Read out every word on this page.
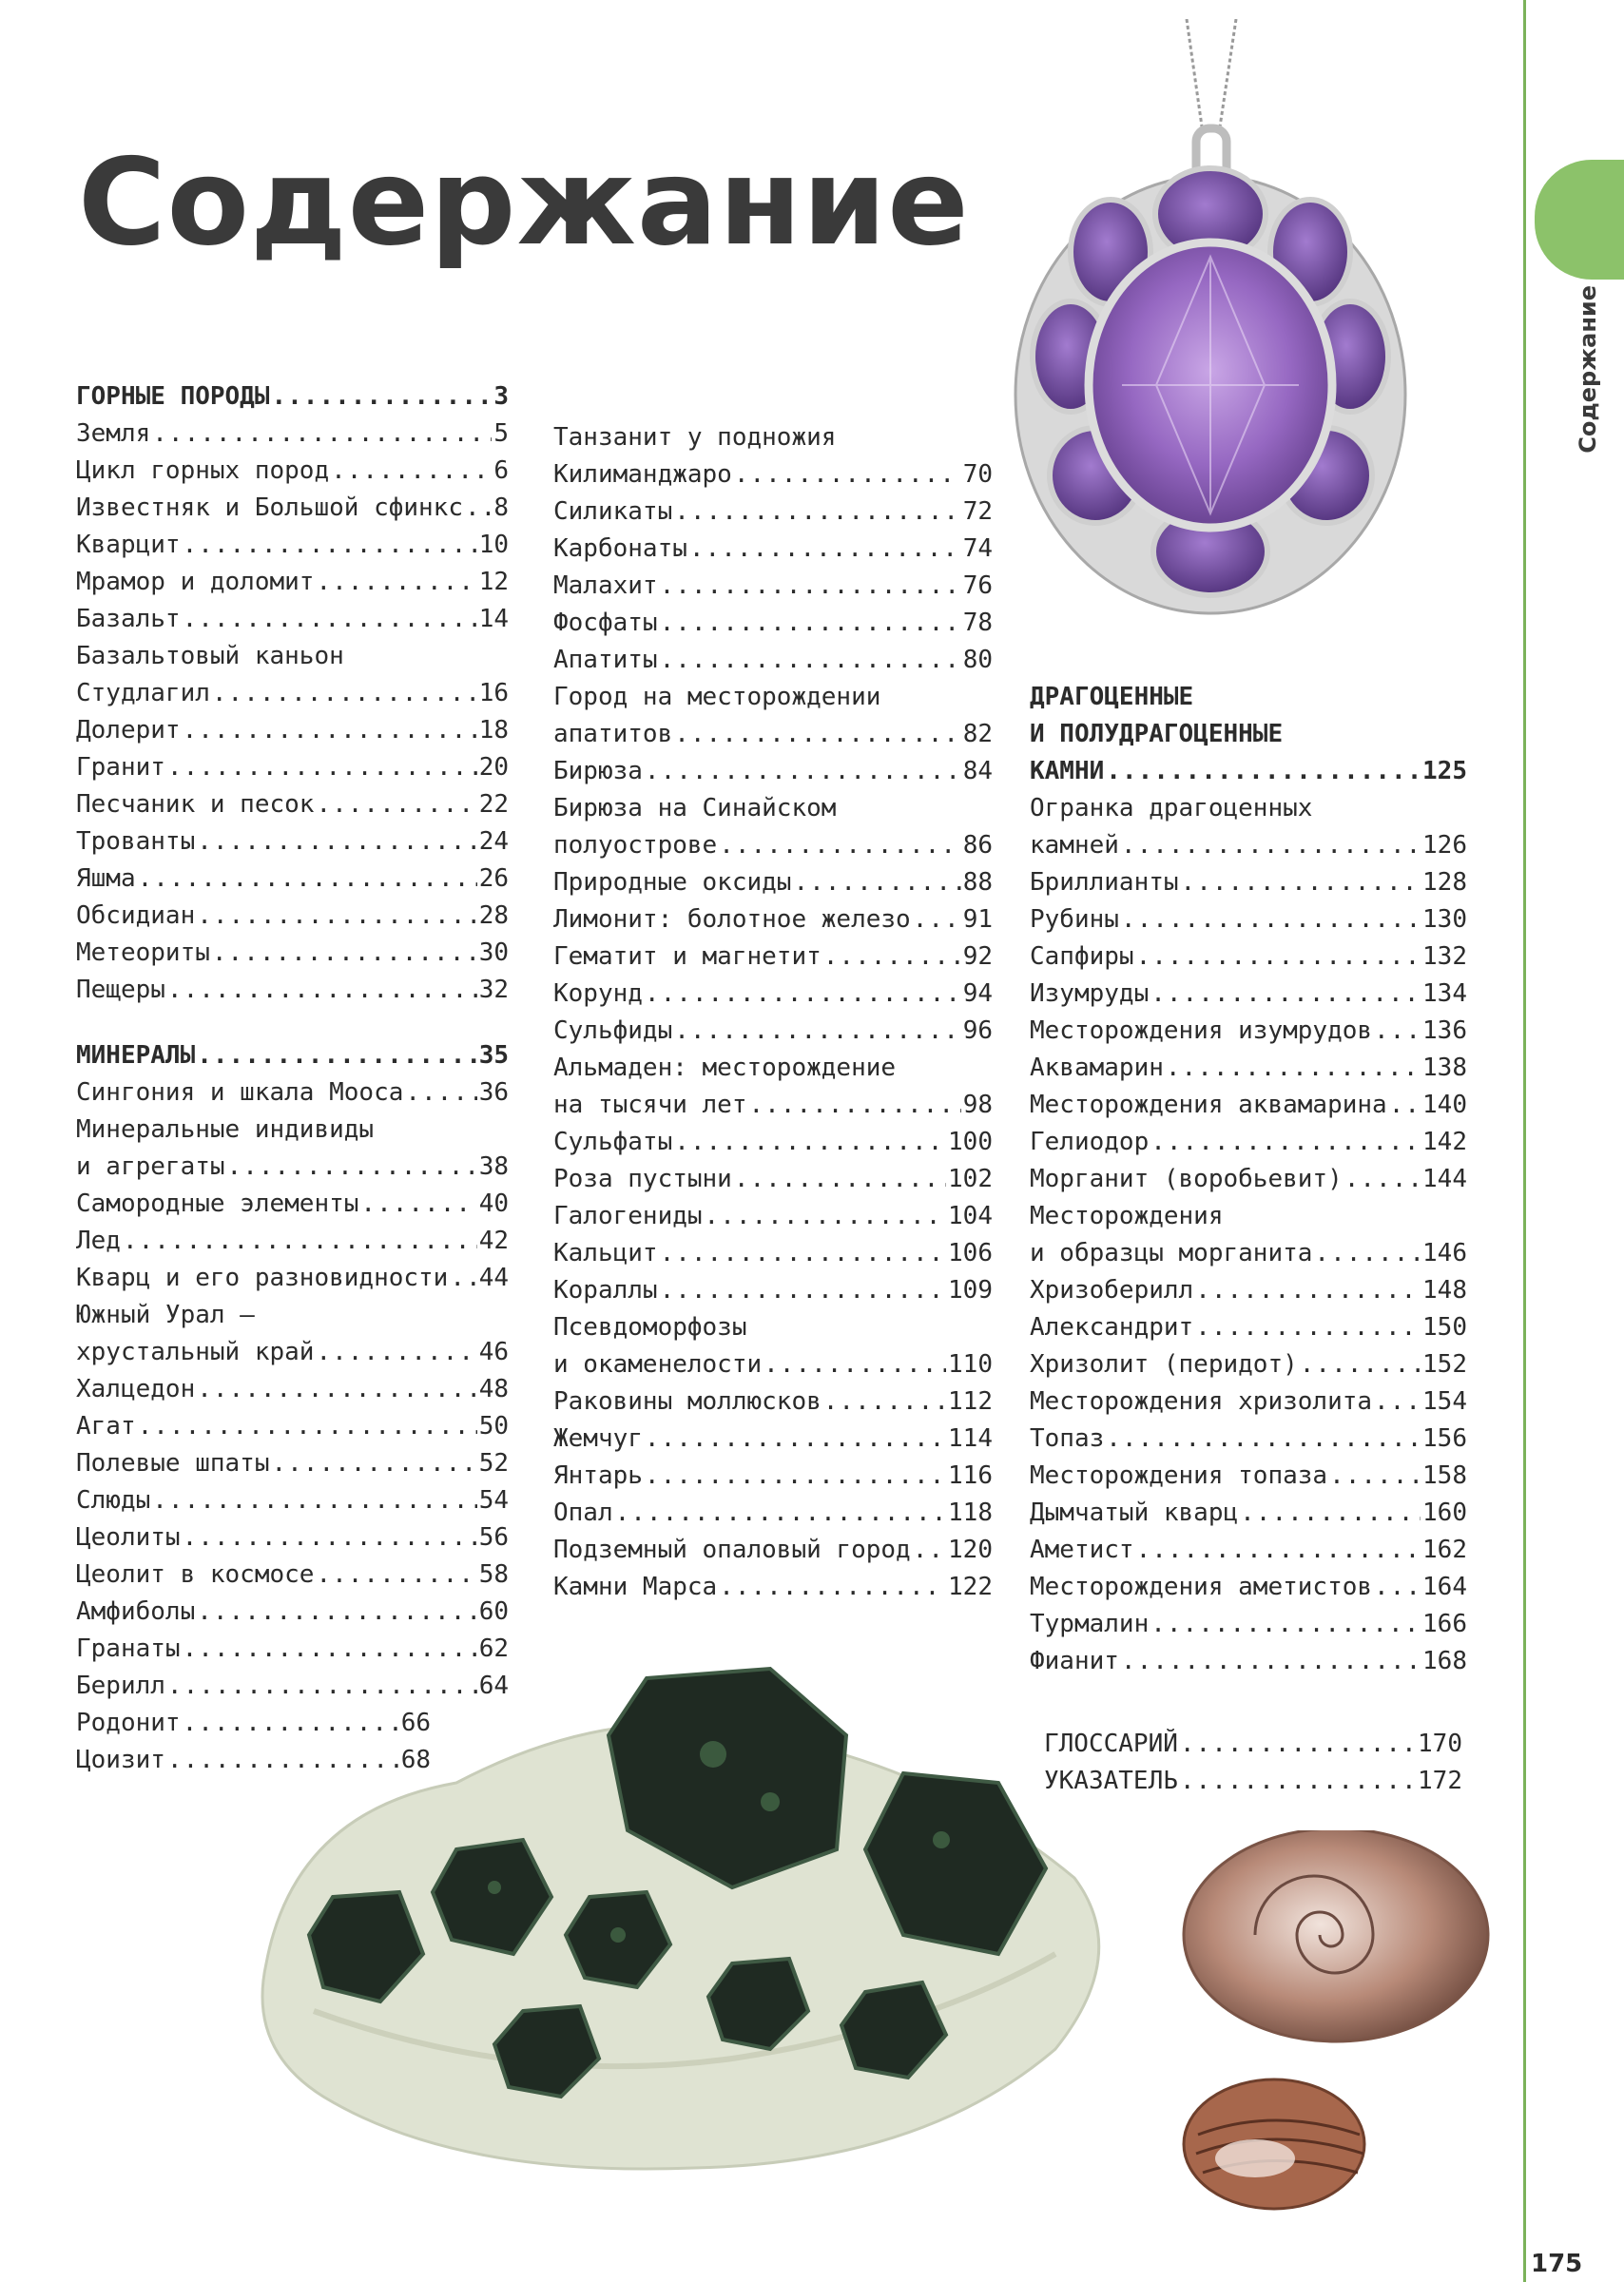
Содержание
Содержание
175
ГОРНЫЕ ПОРОДЫ .....	3
Земля .....	5
Цикл горных пород .....	6
Известняк и Большой сфинкс ..... 8
Кварцит .....	10
Мрамор и доломит .....	12
Базальт .....	14
Базальтовый каньон
Студлагил .....	16
Долерит .....	18
Гранит .....	20
Песчаник и песок .....	22
Трованты .....	24
Яшма .....	26
Обсидиан .....	28
Метеориты .....	30
Пещеры .....	32
МИНЕРАЛЫ .....	35
Сингония и шкала Мооса .....	36
Минеральные индивиды
и агрегаты .....	38
Самородные элементы .....	40
Лед .....	42
Кварц и его разновидности ..... 44
Южный Урал —
хрустальный край .....	46
Халцедон .....	48
Агат .....	50
Полевые шпаты .....	52
Слюды .....	54
Цеолиты .....	56
Цеолит в космосе .....	58
Амфиболы .....	60
Гранаты .....	62
Берилл .....	64
Родонит .....	66
Цоизит .....	68
Танзанит у подножия
Килиманджаро .....	70
Силикаты .....	72
Карбонаты .....	74
Малахит .....	76
Фосфаты .....	78
Апатиты .....	80
Город на месторождении
апатитов .....	82
Бирюза .....	84
Бирюза на Синайском
полуострове .....	86
Природные оксиды .....	88
Лимонит: болотное железо ..... 91
Гематит и магнетит .....	92
Корунд .....	94
Сульфиды .....	96
Альмаден: месторождение
на тысячи лет .....	98
Сульфаты .....	100
Роза пустыни .....	102
Галогениды .....	104
Кальцит .....	106
Кораллы .....	109
Псевдоморфозы
и окаменелости .....	110
Раковины моллюсков .....	112
Жемчуг .....	114
Янтарь .....	116
Опал .....	118
Подземный опаловый город ..... 120
Камни Марса .....	122
ДРАГОЦЕННЫЕ
И ПОЛУДРАГОЦЕННЫЕ
КАМНИ .....	125
Огранка драгоценных
камней .....	126
Бриллианты .....	128
Рубины .....	130
Сапфиры .....	132
Изумруды .....	134
Месторождения изумрудов ..... 136
Аквамарин .....	138
Месторождения аквамарина ..... 140
Гелиодор .....	142
Морганит (воробьевит) .....	144
Месторождения
и образцы морганита .....	146
Хризоберилл .....	148
Александрит .....	150
Хризолит (перидот) .....	152
Месторождения хризолита ..... 154
Топаз .....	156
Месторождения топаза .....	158
Дымчатый кварц .....	160
Аметист .....	162
Месторождения аметистов ..... 164
Турмалин .....	166
Фианит .....	168
ГЛОССАРИЙ .....	170
УКАЗАТЕЛЬ .....	172
